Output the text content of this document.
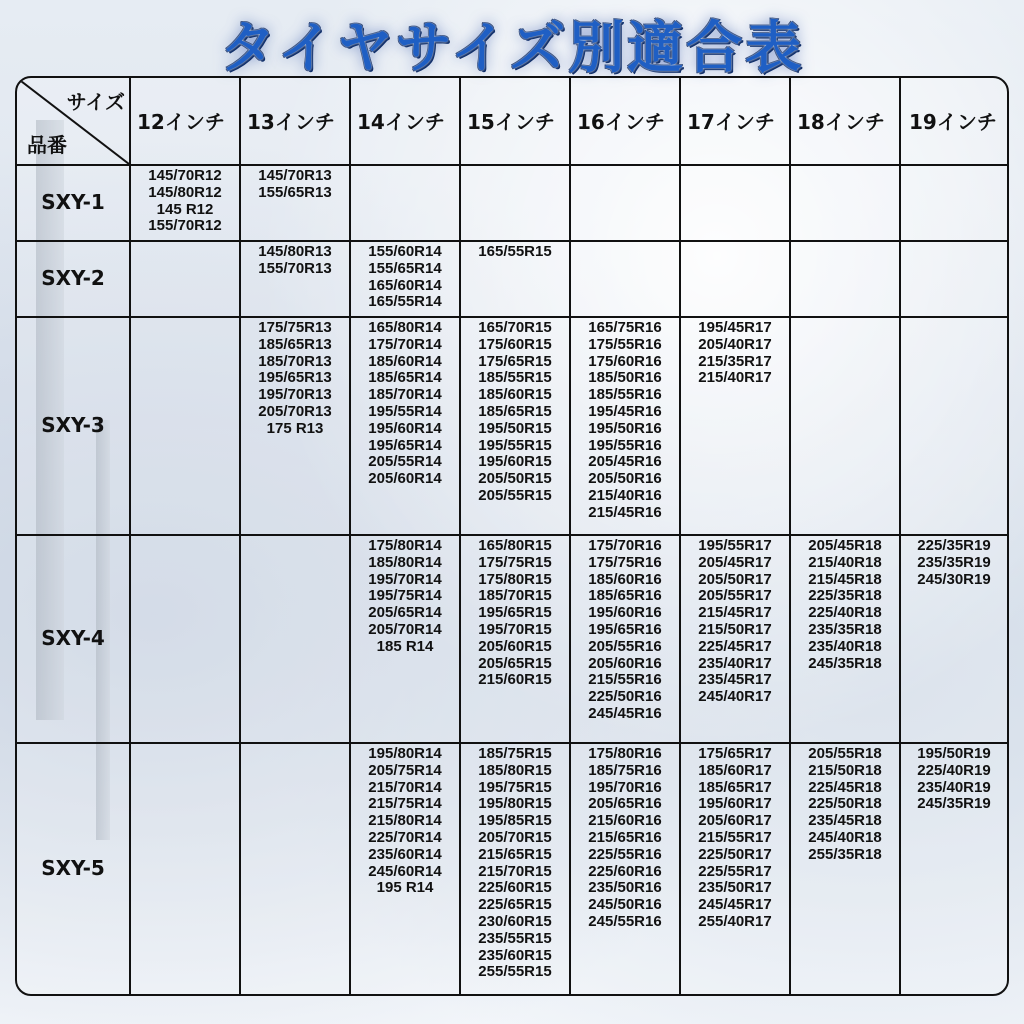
タイヤサイズ別適合表
サイズ
品番
12インチ 13インチ 14インチ 15インチ 16インチ 17インチ 18インチ 19インチ
SXY-1
145/70R12
145/80R12
145 R12
155/70R12
145/70R13
155/65R13
SXY-2
145/80R13
155/70R13
155/60R14
155/65R14
165/60R14
165/55R14
165/55R15
SXY-3
175/75R13
185/65R13
185/70R13
195/65R13
195/70R13
205/70R13
175 R13
165/80R14
175/70R14
185/60R14
185/65R14
185/70R14
195/55R14
195/60R14
195/65R14
205/55R14
205/60R14
165/70R15
175/60R15
175/65R15
185/55R15
185/60R15
185/65R15
195/50R15
195/55R15
195/60R15
205/50R15
205/55R15
165/75R16
175/55R16
175/60R16
185/50R16
185/55R16
195/45R16
195/50R16
195/55R16
205/45R16
205/50R16
215/40R16
215/45R16
195/45R17
205/40R17
215/35R17
215/40R17
SXY-4
175/80R14
185/80R14
195/70R14
195/75R14
205/65R14
205/70R14
185 R14
165/80R15
175/75R15
175/80R15
185/70R15
195/65R15
195/70R15
205/60R15
205/65R15
215/60R15
175/70R16
175/75R16
185/60R16
185/65R16
195/60R16
195/65R16
205/55R16
205/60R16
215/55R16
225/50R16
245/45R16
195/55R17
205/45R17
205/50R17
205/55R17
215/45R17
215/50R17
225/45R17
235/40R17
235/45R17
245/40R17
205/45R18
215/40R18
215/45R18
225/35R18
225/40R18
235/35R18
235/40R18
245/35R18
225/35R19
235/35R19
245/30R19
SXY-5
195/80R14
205/75R14
215/70R14
215/75R14
215/80R14
225/70R14
235/60R14
245/60R14
195 R14
185/75R15
185/80R15
195/75R15
195/80R15
195/85R15
205/70R15
215/65R15
215/70R15
225/60R15
225/65R15
230/60R15
235/55R15
235/60R15
255/55R15
175/80R16
185/75R16
195/70R16
205/65R16
215/60R16
215/65R16
225/55R16
225/60R16
235/50R16
245/50R16
245/55R16
175/65R17
185/60R17
185/65R17
195/60R17
205/60R17
215/55R17
225/50R17
225/55R17
235/50R17
245/45R17
255/40R17
205/55R18
215/50R18
225/45R18
225/50R18
235/45R18
245/40R18
255/35R18
195/50R19
225/40R19
235/40R19
245/35R19
